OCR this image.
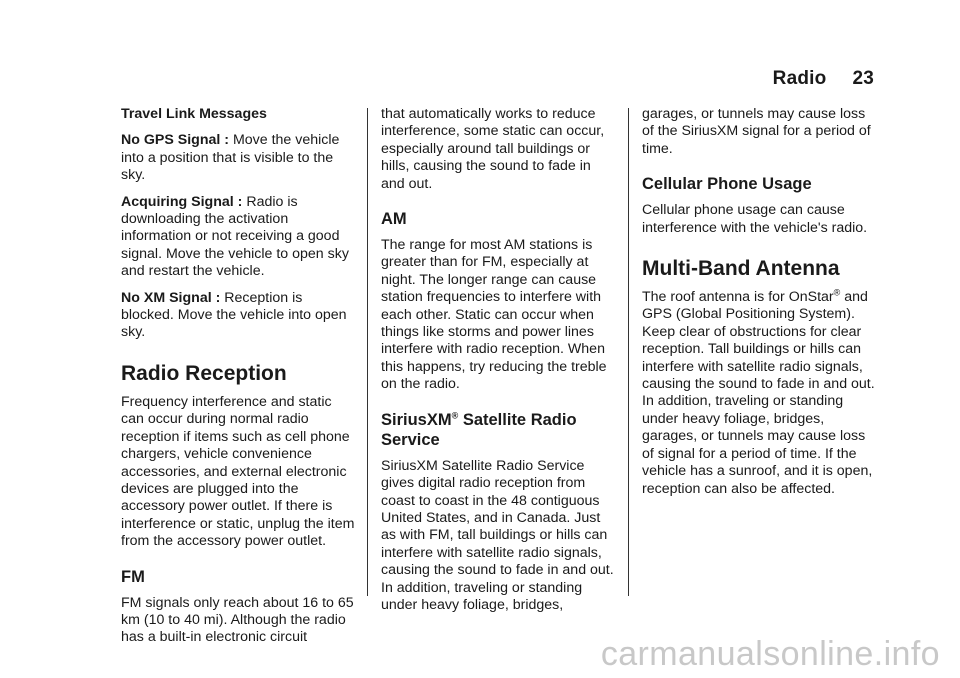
Radio 23
Travel Link Messages

No GPS Signal : Move the vehicle into a position that is visible to the sky.

Acquiring Signal : Radio is downloading the activation information or not receiving a good signal. Move the vehicle to open sky and restart the vehicle.

No XM Signal : Reception is blocked. Move the vehicle into open sky.

Radio Reception

Frequency interference and static can occur during normal radio reception if items such as cell phone chargers, vehicle convenience accessories, and external electronic devices are plugged into the accessory power outlet. If there is interference or static, unplug the item from the accessory power outlet.

FM

FM signals only reach about 16 to 65 km (10 to 40 mi). Although the radio has a built-in electronic circuit

that automatically works to reduce interference, some static can occur, especially around tall buildings or hills, causing the sound to fade in and out.

AM

The range for most AM stations is greater than for FM, especially at night. The longer range can cause station frequencies to interfere with each other. Static can occur when things like storms and power lines interfere with radio reception. When this happens, try reducing the treble on the radio.

SiriusXM® Satellite Radio Service

SiriusXM Satellite Radio Service gives digital radio reception from coast to coast in the 48 contiguous United States, and in Canada. Just as with FM, tall buildings or hills can interfere with satellite radio signals, causing the sound to fade in and out. In addition, traveling or standing under heavy foliage, bridges,

garages, or tunnels may cause loss of the SiriusXM signal for a period of time.

Cellular Phone Usage

Cellular phone usage can cause interference with the vehicle's radio.

Multi-Band Antenna

The roof antenna is for OnStar® and GPS (Global Positioning System). Keep clear of obstructions for clear reception. Tall buildings or hills can interfere with satellite radio signals, causing the sound to fade in and out. In addition, traveling or standing under heavy foliage, bridges, garages, or tunnels may cause loss of signal for a period of time. If the vehicle has a sunroof, and it is open, reception can also be affected.

carmanualsonline.info
